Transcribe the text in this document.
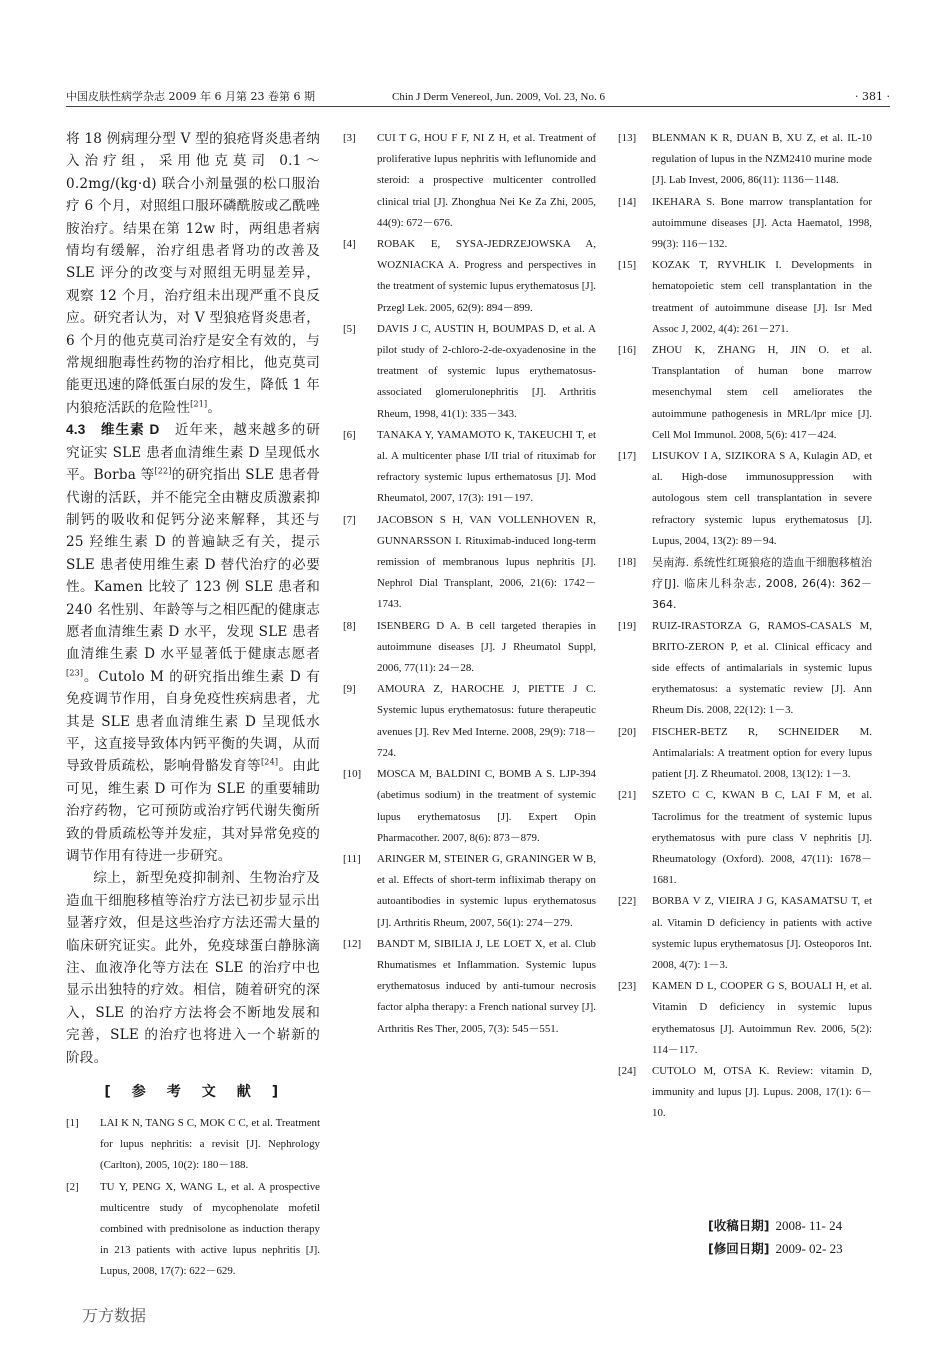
中国皮肤性病学杂志 2009 年 6 月第 23 卷第 6 期	Chin J Derm Venereol, Jun. 2009, Vol. 23, No. 6	· 381 ·

将 18 例病理分型 V 型的狼疮肾炎患者纳入治疗组，采用他克莫司 0.1～0.2mg/(kg·d) 联合小剂量强的松口服治疗 6 个月，对照组口服环磷酰胺或乙酰唑胺治疗。结果在第 12w 时，两组患者病情均有缓解，治疗组患者肾功的改善及 SLE 评分的改变与对照组无明显差异，观察 12 个月，治疗组未出现严重不良反应。研究者认为，对 V 型狼疮肾炎患者，6 个月的他克莫司治疗是安全有效的，与常规细胞毒性药物的治疗相比，他克莫司能更迅速的降低蛋白尿的发生，降低 1 年内狼疮活跃的危险性[21]。

4.3　维生素 D　近年来，越来越多的研究证实 SLE 患者血清维生素 D 呈现低水平。Borba 等[22]的研究指出 SLE 患者骨代谢的活跃，并不能完全由糖皮质激素抑制钙的吸收和促钙分泌来解释，其还与 25 羟维生素 D 的普遍缺乏有关，提示 SLE 患者使用维生素 D 替代治疗的必要性。Kamen 比较了 123 例 SLE 患者和 240 名性别、年龄等与之相匹配的健康志愿者血清维生素 D 水平，发现 SLE 患者血清维生素 D 水平显著低于健康志愿者[23]。Cutolo M 的研究指出维生素 D 有免疫调节作用，自身免疫性疾病患者，尤其是 SLE 患者血清维生素 D 呈现低水平，这直接导致体内钙平衡的失调，从而导致骨质疏松，影响骨骼发育等[24]。由此可见，维生素 D 可作为 SLE 的重要辅助治疗药物，它可预防或治疗钙代谢失衡所致的骨质疏松等并发症，其对异常免疫的调节作用有待进一步研究。

综上，新型免疫抑制剂、生物治疗及造血干细胞移植等治疗方法已初步显示出显著疗效，但是这些治疗方法还需大量的临床研究证实。此外，免疫球蛋白静脉滴注、血液净化等方法在 SLE 的治疗中也显示出独特的疗效。相信，随着研究的深入，SLE 的治疗方法将会不断地发展和完善，SLE 的治疗也将进入一个崭新的阶段。

[　参　考　文　献　]
[1] LAI K N, TANG S C, MOK C C, et al. Treatment for lupus nephritis: a revisit [J]. Nephrology (Carlton), 2005, 10(2): 180－188.
[2] TU Y, PENG X, WANG L, et al. A prospective multicentre study of mycophenolate mofetil combined with prednisolone as induction therapy in 213 patients with active lupus nephritis [J]. Lupus, 2008, 17(7): 622－629.
[3] CUI T G, HOU F F, NI Z H, et al. Treatment of proliferative lupus nephritis with leflunomide and steroid: a prospective multicenter controlled clinical trial [J]. Zhonghua Nei Ke Za Zhi, 2005, 44(9): 672－676.
[4] ROBAK E, SYSA-JEDRZEJOWSKA A, WOZNIACKA A. Progress and perspectives in the treatment of systemic lupus erythematosus [J]. Przegl Lek. 2005, 62(9): 894－899.
[5] DAVIS J C, AUSTIN H, BOUMPAS D, et al. A pilot study of 2-chloro-2-de-oxyadenosine in the treatment of systemic lupus erythematosus-associated glomerulonephritis [J]. Arthritis Rheum, 1998, 41(1): 335－343.
[6] TANAKA Y, YAMAMOTO K, TAKEUCHI T, et al. A multicenter phase I/II trial of rituximab for refractory systemic lupus erthematosus [J]. Mod Rheumatol, 2007, 17(3): 191－197.
[7] JACOBSON S H, VAN VOLLENHOVEN R, GUNNARSSON I. Rituximab-induced long-term remission of membranous lupus nephritis [J]. Nephrol Dial Transplant, 2006, 21(6): 1742－1743.
[8] ISENBERG D A. B cell targeted therapies in autoimmune diseases [J]. J Rheumatol Suppl, 2006, 77(11): 24－28.
[9] AMOURA Z, HAROCHE J, PIETTE J C. Systemic lupus erythematosus: future therapeutic avenues [J]. Rev Med Interne. 2008, 29(9): 718－724.
[10] MOSCA M, BALDINI C, BOMB A S. LJP-394 (abetimus sodium) in the treatment of systemic lupus erythematosus [J]. Expert Opin Pharmacother. 2007, 8(6): 873－879.
[11] ARINGER M, STEINER G, GRANINGER W B, et al. Effects of short-term infliximab therapy on autoantibodies in systemic lupus erythematosus [J]. Arthritis Rheum, 2007, 56(1): 274－279.
[12] BANDT M, SIBILIA J, LE LOET X, et al. Club Rhumatismes et Inflammation. Systemic lupus erythematosus induced by anti-tumour necrosis factor alpha therapy: a French national survey [J]. Arthritis Res Ther, 2005, 7(3): 545－551.
[13] BLENMAN K R, DUAN B, XU Z, et al. IL-10 regulation of lupus in the NZM2410 murine mode [J]. Lab Invest, 2006, 86(11): 1136－1148.
[14] IKEHARA S. Bone marrow transplantation for autoimmune diseases [J]. Acta Haematol, 1998, 99(3): 116－132.
[15] KOZAK T, RYVHLIK I. Developments in hematopoietic stem cell transplantation in the treatment of autoimmune disease [J]. Isr Med Assoc J, 2002, 4(4): 261－271.
[16] ZHOU K, ZHANG H, JIN O. et al. Transplantation of human bone marrow mesenchymal stem cell ameliorates the autoimmune pathogenesis in MRL/lpr mice [J]. Cell Mol Immunol. 2008, 5(6): 417－424.
[17] LISUKOV I A, SIZIKORA S A, Kulagin AD, et al. High-dose immunosuppression with autologous stem cell transplantation in severe refractory systemic lupus erythematosus [J]. Lupus, 2004, 13(2): 89－94.
[18] 吴南海. 系统性红斑狼疮的造血干细胞移植治疗[J]. 临床儿科杂志, 2008, 26(4): 362－364.
[19] RUIZ-IRASTORZA G, RAMOS-CASALS M, BRITO-ZERON P, et al. Clinical efficacy and side effects of antimalarials in systemic lupus erythematosus: a systematic review [J]. Ann Rheum Dis. 2008, 22(12): 1－3.
[20] FISCHER-BETZ R, SCHNEIDER M. Antimalarials: A treatment option for every lupus patient [J]. Z Rheumatol. 2008, 13(12): 1－3.
[21] SZETO C C, KWAN B C, LAI F M, et al. Tacrolimus for the treatment of systemic lupus erythematosus with pure class V nephritis [J]. Rheumatology (Oxford). 2008, 47(11): 1678－1681.
[22] BORBA V Z, VIEIRA J G, KASAMATSU T, et al. Vitamin D deficiency in patients with active systemic lupus erythematosus [J]. Osteoporos Int. 2008, 4(7): 1－3.
[23] KAMEN D L, COOPER G S, BOUALI H, et al. Vitamin D deficiency in systemic lupus erythematosus [J]. Autoimmun Rev. 2006, 5(2): 114－117.
[24] CUTOLO M, OTSA K. Review: vitamin D, immunity and lupus [J]. Lupus. 2008, 17(1): 6－10.
[收稿日期] 2008- 11- 24
[修回日期] 2009- 02- 23
万方数据
